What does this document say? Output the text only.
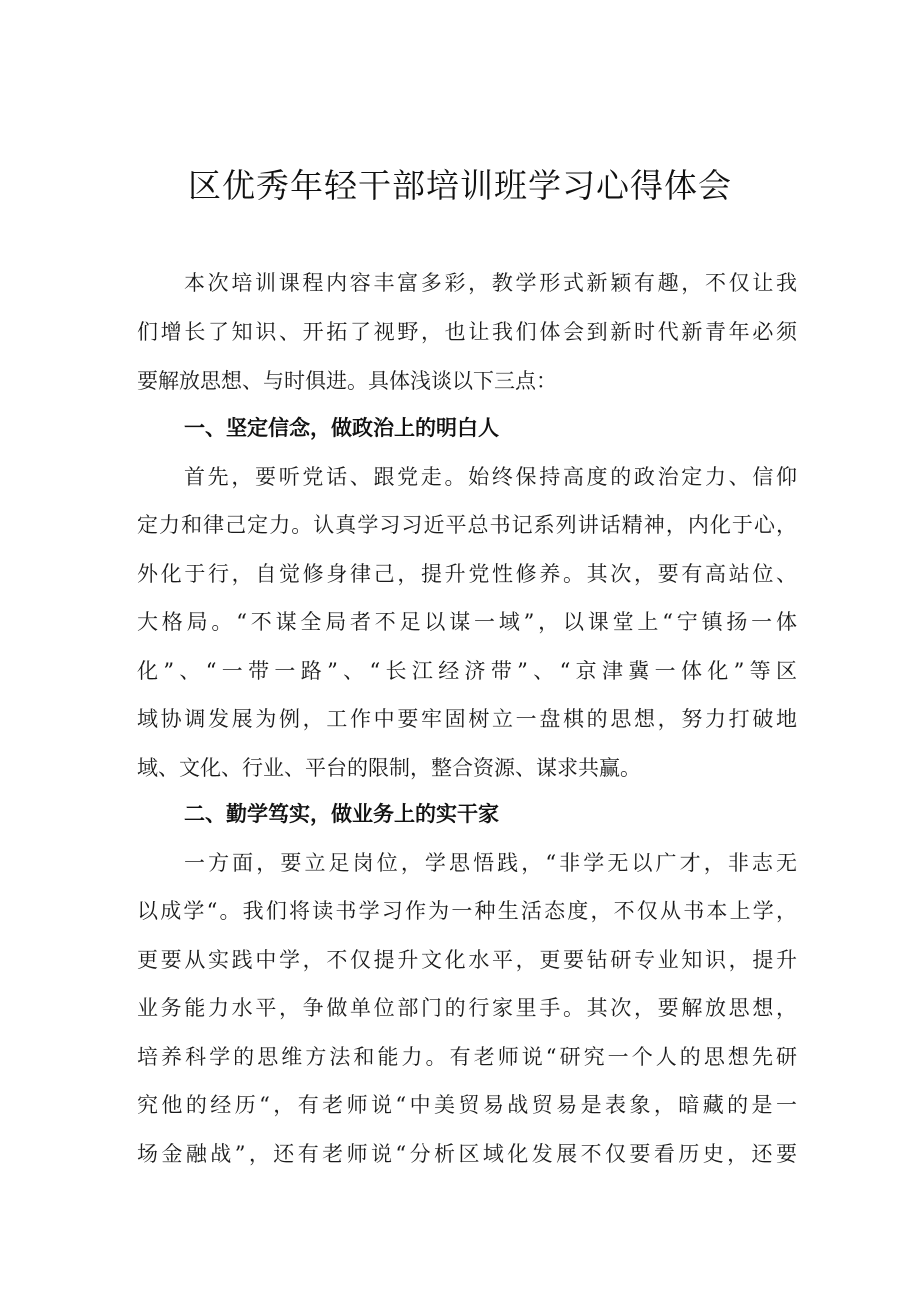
区优秀年轻干部培训班学习心得体会
本次培训课程内容丰富多彩，教学形式新颖有趣，不仅让我
们增长了知识、开拓了视野，也让我们体会到新时代新青年必须
要解放思想、与时俱进。具体浅谈以下三点：
一、坚定信念，做政治上的明白人
首先，要听党话、跟党走。始终保持高度的政治定力、信仰
定力和律己定力。认真学习习近平总书记系列讲话精神，内化于心，
外化于行，自觉修身律己，提升党性修养。其次，要有高站位、
大格局。“不谋全局者不足以谋一域”，以课堂上“宁镇扬一体
化”、“一带一路”、“长江经济带”、“京津冀一体化”等区
域协调发展为例，工作中要牢固树立一盘棋的思想，努力打破地
域、文化、行业、平台的限制，整合资源、谋求共赢。
二、勤学笃实，做业务上的实干家
一方面，要立足岗位，学思悟践，“非学无以广才，非志无
以成学“。我们将读书学习作为一种生活态度，不仅从书本上学，
更要从实践中学，不仅提升文化水平，更要钻研专业知识，提升
业务能力水平，争做单位部门的行家里手。其次，要解放思想，
培养科学的思维方法和能力。有老师说“研究一个人的思想先研
究他的经历“，有老师说“中美贸易战贸易是表象，暗藏的是一
场金融战”，还有老师说“分析区域化发展不仅要看历史，还要
